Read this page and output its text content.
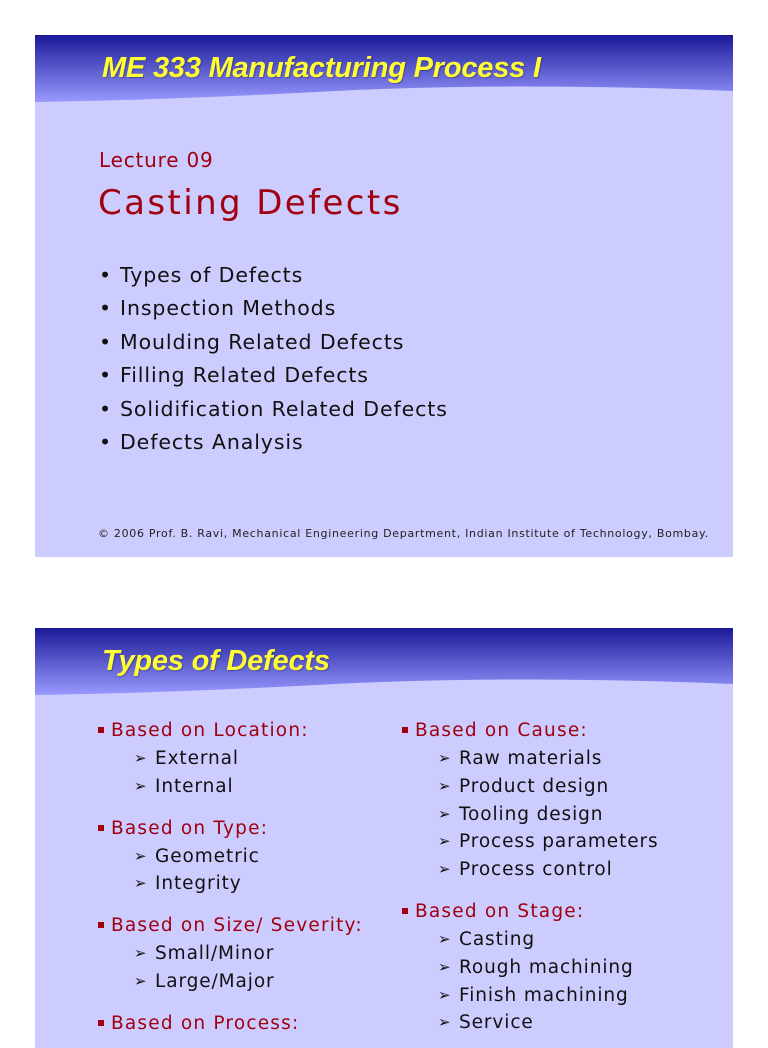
ME 333 Manufacturing Process I
Lecture 09
Casting Defects
• Types of Defects
• Inspection Methods
• Moulding Related Defects
• Filling Related Defects
• Solidification Related Defects
• Defects Analysis
© 2006 Prof. B. Ravi, Mechanical Engineering Department, Indian Institute of Technology, Bombay.
Types of Defects
Based on Location:
➢ External
➢ Internal
Based on Type:
➢ Geometric
➢ Integrity
Based on Size/ Severity:
➢ Small/Minor
➢ Large/Major
Based on Process:
Based on Cause:
➢ Raw materials
➢ Product design
➢ Tooling design
➢ Process parameters
➢ Process control
Based on Stage:
➢ Casting
➢ Rough machining
➢ Finish machining
➢ Service
